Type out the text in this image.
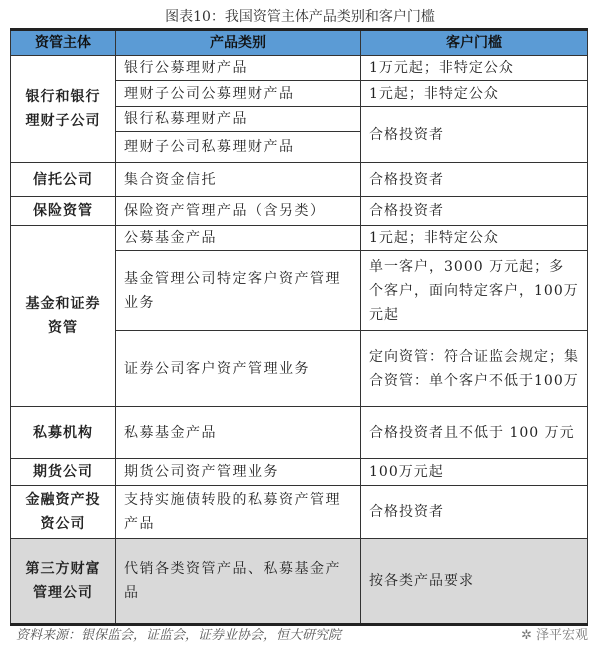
图表10：我国资管主体产品类别和客户门槛
资管主体	产品类别	客户门槛
银行和银行理财子公司	银行公募理财产品	1万元起；非特定公众
	理财子公司公募理财产品	1元起；非特定公众
	银行私募理财产品	合格投资者
	理财子公司私募理财产品	
信托公司	集合资金信托	合格投资者
保险资管	保险资产管理产品（含另类）	合格投资者
基金和证券资管	公募基金产品	1元起；非特定公众
	基金管理公司特定客户资产管理业务	单一客户，3000 万元起；多个客户，面向特定客户，100万元起
	证券公司客户资产管理业务	定向资管：符合证监会规定；集合资管：单个客户不低于100万
私募机构	私募基金产品	合格投资者且不低于 100 万元
期货公司	期货公司资产管理业务	100万元起
金融资产投资公司	支持实施债转股的私募资产管理产品	合格投资者
第三方财富管理公司	代销各类资管产品、私募基金产品	按各类产品要求
资料来源：银保监会，证监会，证券业协会，恒大研究院	✲ 泽平宏观
